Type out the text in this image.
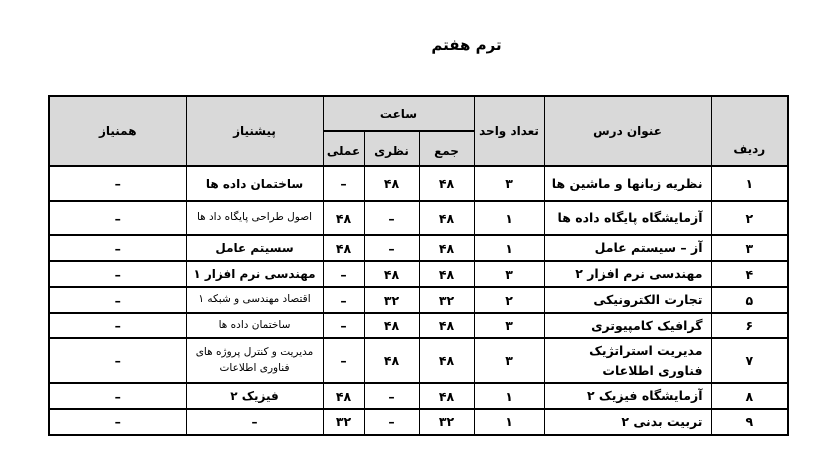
ترم هفتم
ردیف	عنوان درس	تعداد واحد	ساعت			پیشنیاز	همنیاز
			جمع	نظری	عملی		
۱	نظریه زبانها و ماشین ها	۳	۴۸	۴۸	–	ساختمان داده ها	–
۲	آزمایشگاه پایگاه داده ها	۱	۴۸	–	۴۸	اصول طراحی پایگاه داد ها	–
۳	آز – سیستم عامل	۱	۴۸	–	۴۸	سسیتم عامل	–
۴	مهندسی نرم افزار ۲	۳	۴۸	۴۸	–	مهندسی نرم افزار ۱	–
۵	تجارت الکترونیکی	۲	۳۲	۳۲	–	اقتصاد مهندسی و شبکه ۱	–
۶	گرافیک کامپیوتری	۳	۴۸	۴۸	–	ساختمان داده ها	–
۷	مدیریت استراتژیک فناوری اطلاعات	۳	۴۸	۴۸	–	مدیریت و کنترل پروژه های فناوری اطلاعات	–
۸	آزمایشگاه فیزیک ۲	۱	۴۸	–	۴۸	فیزیک ۲	–
۹	تربیت بدنی ۲	۱	۳۲	–	۳۲	–	–
